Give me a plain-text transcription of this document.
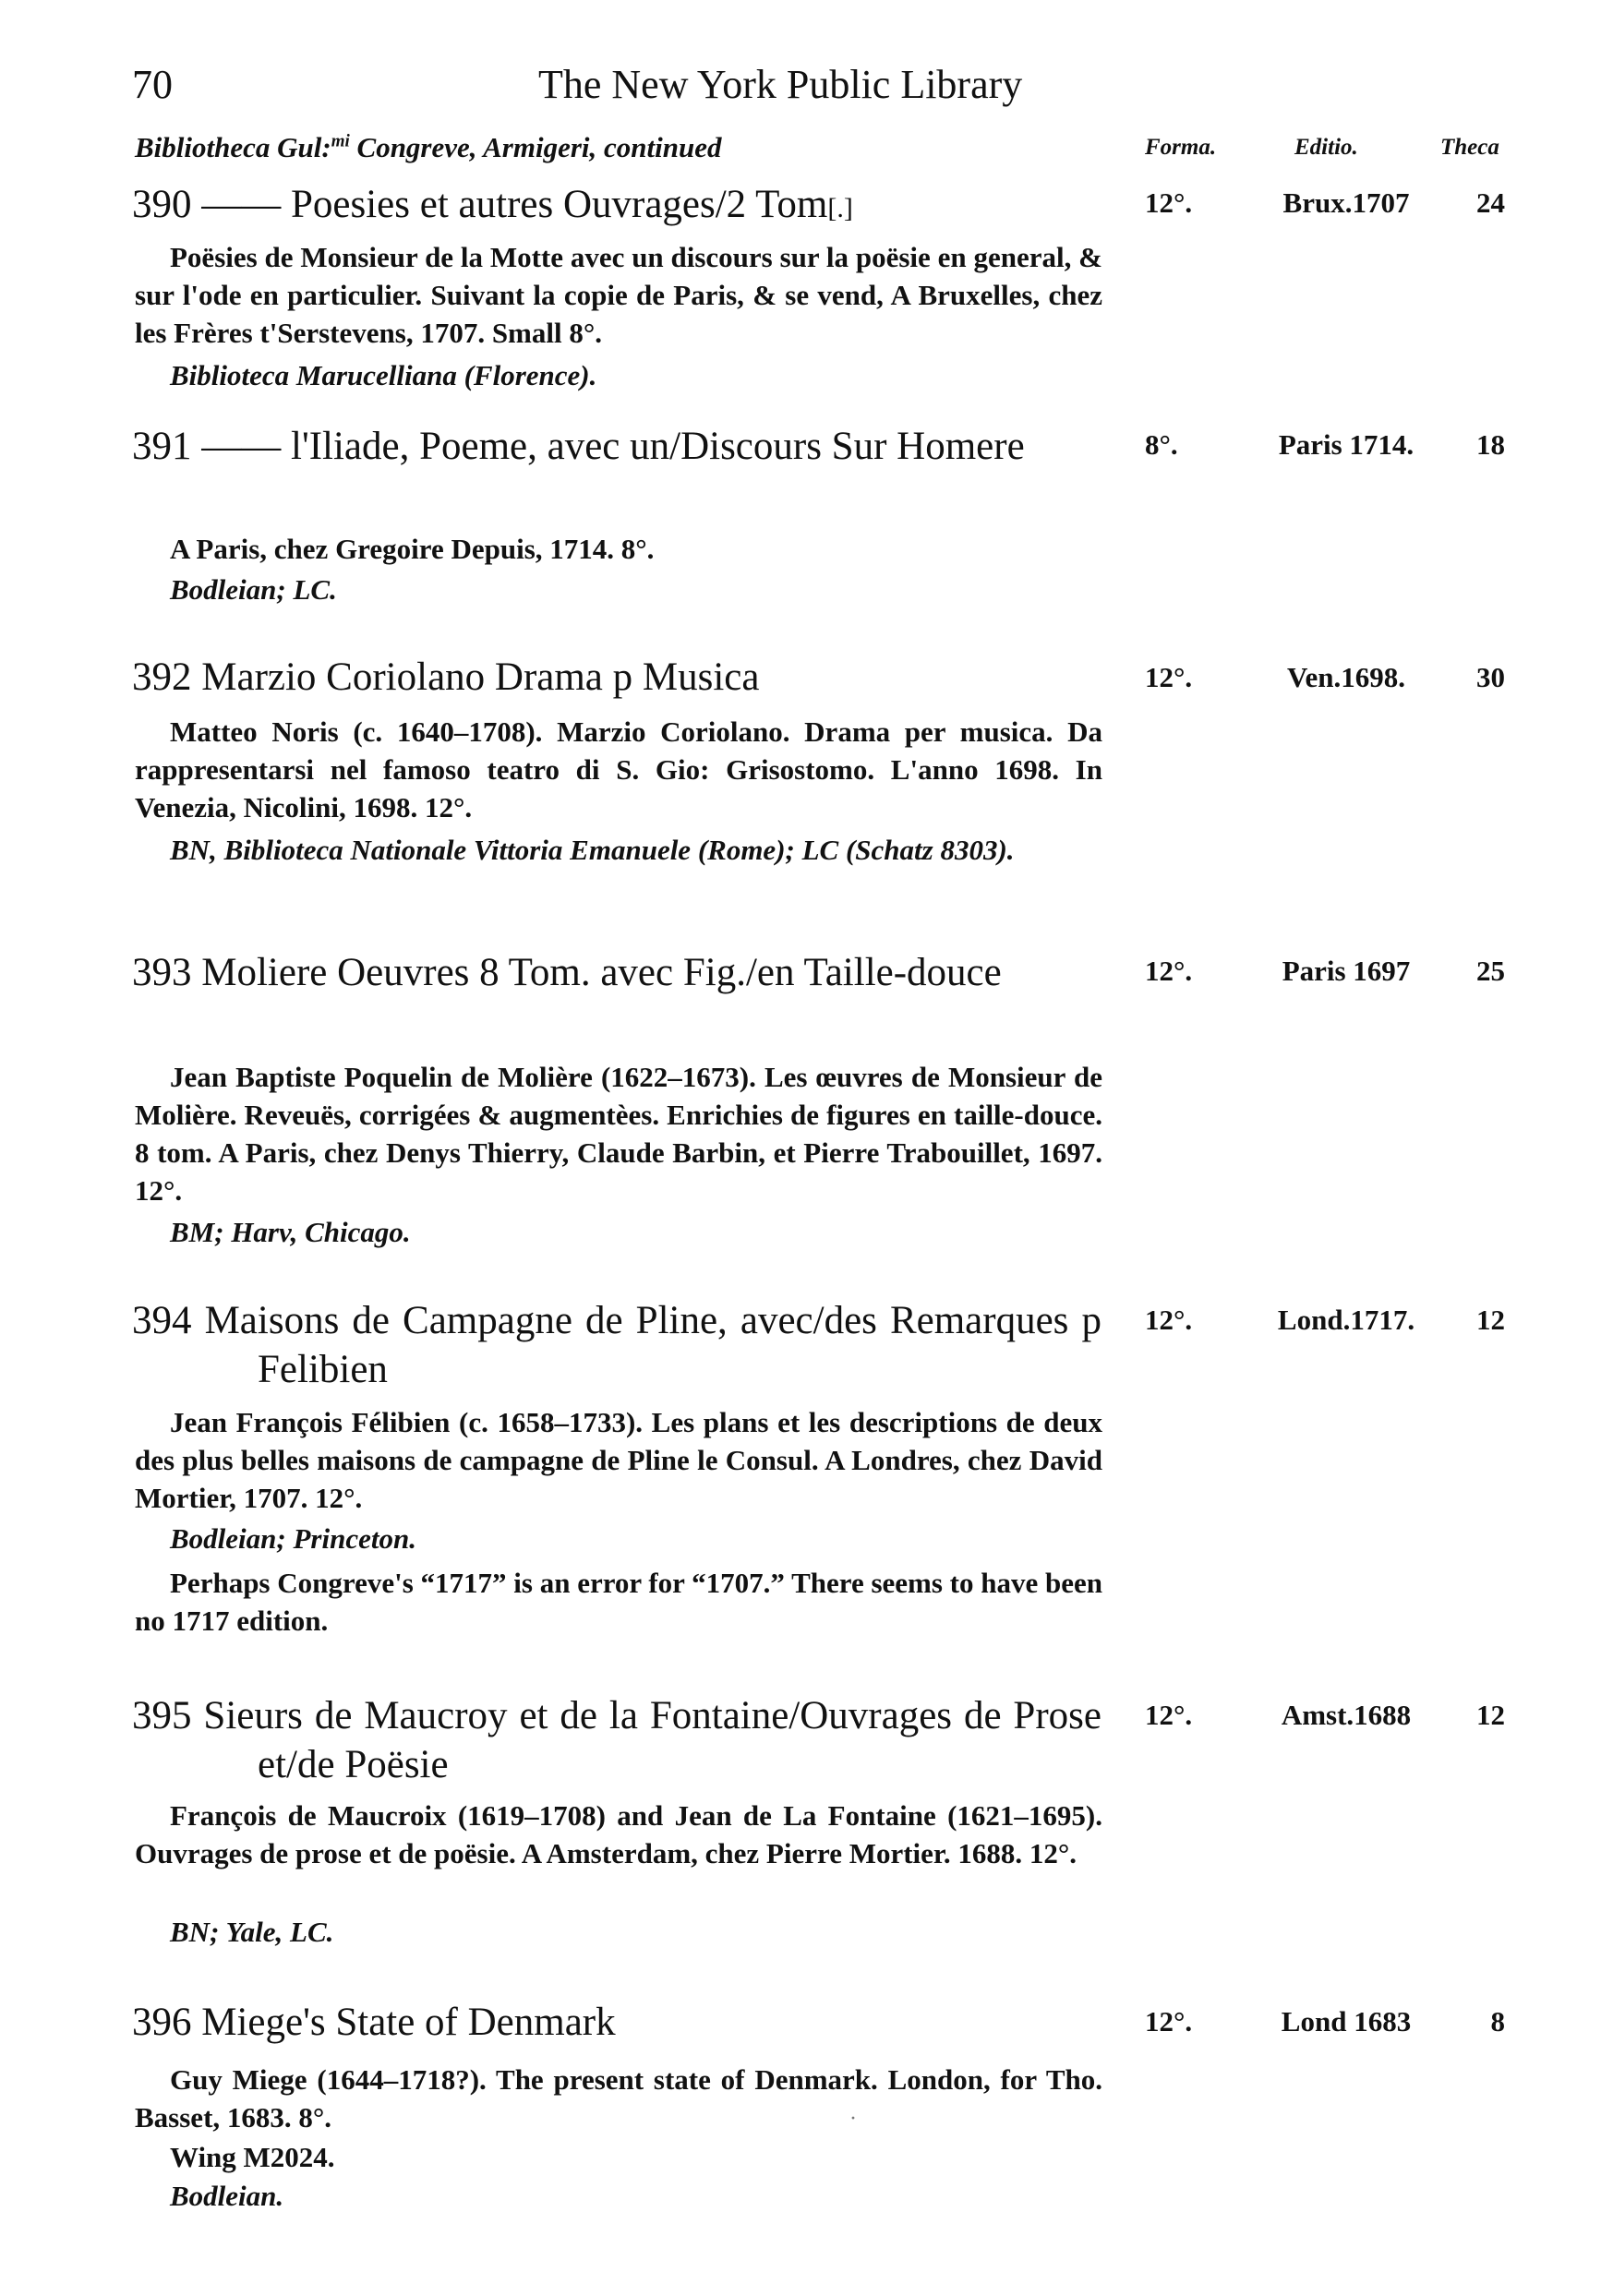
70	The New York Public Library
Bibliotheca Gul:$^{mi}$ Congreve, Armigeri, continued	Forma.	Editio.	Theca
390 —— Poesies et autres Ouvrages/2 Tom[.]	12°.	Brux.1707	24
Poësies de Monsieur de la Motte avec un discours sur la poësie en general, & sur l'ode en particulier. Suivant la copie de Paris, & se vend, A Bruxelles, chez les Frères t'Serstevens, 1707. Small 8°.
Biblioteca Marucelliana (Florence).
391 —— l'Iliade, Poeme, avec un/Discours Sur Homere	8°.	Paris 1714.	18
A Paris, chez Gregoire Depuis, 1714. 8°.
Bodleian; LC.
392 Marzio Coriolano Drama p Musica	12°.	Ven.1698.	30
Matteo Noris (c. 1640–1708). Marzio Coriolano. Drama per musica. Da rappresentarsi nel famoso teatro di S. Gio: Grisostomo. L'anno 1698. In Venezia, Nicolini, 1698. 12°.
BN, Biblioteca Nationale Vittoria Emanuele (Rome); LC (Schatz 8303).
393 Moliere Oeuvres 8 Tom. avec Fig./en Taille-douce	12°.	Paris 1697	25
Jean Baptiste Poquelin de Molière (1622–1673). Les œuvres de Monsieur de Molière. Reveuës, corrigées & augmentèes. Enrichies de figures en taille-douce. 8 tom. A Paris, chez Denys Thierry, Claude Barbin, et Pierre Trabouillet, 1697. 12°.
BM; Harv, Chicago.
394 Maisons de Campagne de Pline, avec/des Remarques p Felibien
12°.	Lond.1717.	12
Jean François Félibien (c. 1658–1733). Les plans et les descriptions de deux des plus belles maisons de campagne de Pline le Consul. A Londres, chez David Mortier, 1707. 12°.
Bodleian; Princeton.
Perhaps Congreve's “1717” is an error for “1707.” There seems to have been no 1717 edition.
395 Sieurs de Maucroy et de la Fontaine/Ouvrages de Prose et/de Poësie
12°.	Amst.1688	12
François de Maucroix (1619–1708) and Jean de La Fontaine (1621–1695). Ouvrages de prose et de poësie. A Amsterdam, chez Pierre Mortier. 1688. 12°.
BN; Yale, LC.
396 Miege's State of Denmark	12°.	Lond 1683	8
Guy Miege (1644–1718?). The present state of Denmark. London, for Tho. Basset, 1683. 8°.
Wing M2024.
Bodleian.
·
